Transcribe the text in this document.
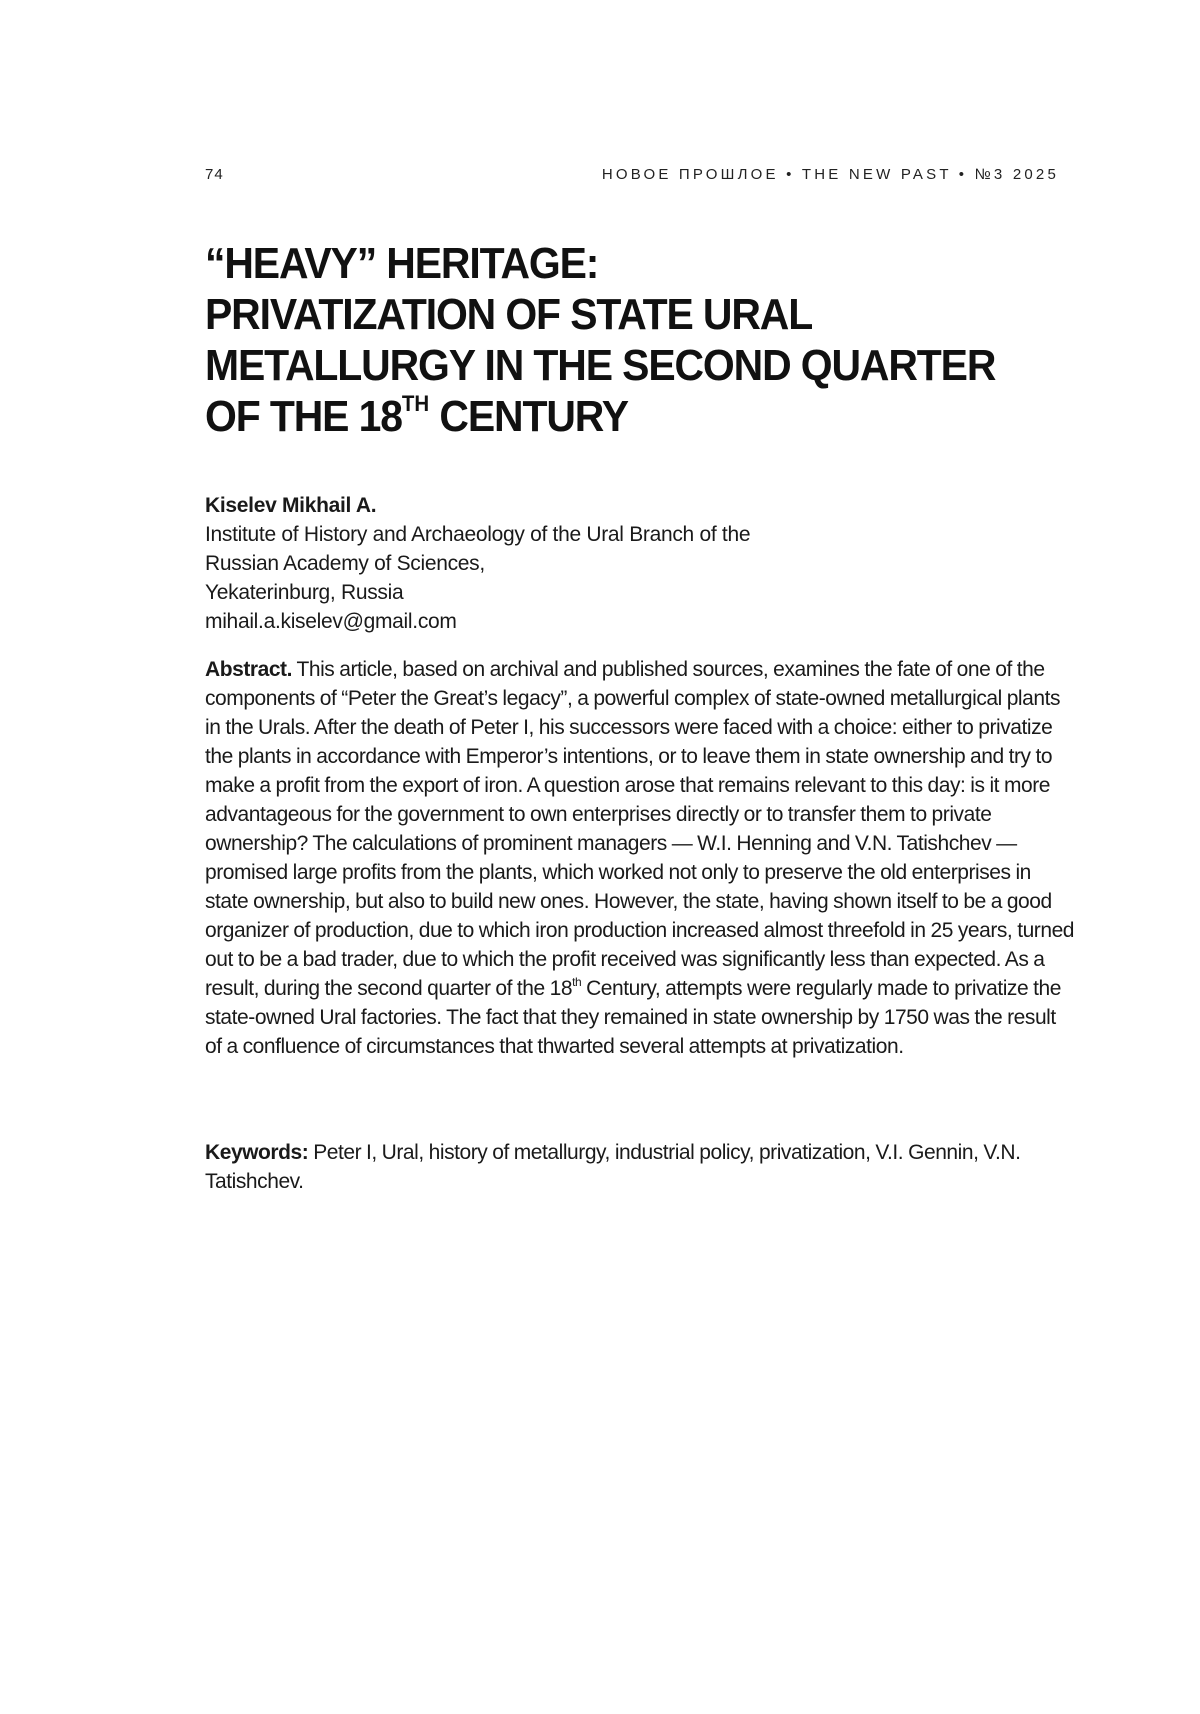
74	НОВОЕ ПРОШЛОЕ • THE NEW PAST • №3 2025
“HEAVY” HERITAGE:
PRIVATIZATION OF STATE URAL
METALLURGY IN THE SECOND QUARTER
OF THE 18TH CENTURY
Kiselev Mikhail A.
Institute of History and Archaeology of the Ural Branch of the
Russian Academy of Sciences,
Yekaterinburg, Russia
mihail.a.kiselev@gmail.com

Abstract. This article, based on archival and published sources, examines the fate of one of the components of “Peter the Great’s legacy”, a powerful complex of state-owned metallurgical plants in the Urals. After the death of Peter I, his successors were faced with a choice: either to privatize the plants in accordance with Emperor’s intentions, or to leave them in state ownership and try to make a profit from the export of iron. A question arose that remains relevant to this day: is it more advantageous for the government to own enterprises directly or to transfer them to private ownership? The calculations of prominent managers — W.I. Henning and V.N. Tatishchev — promised large profits from the plants, which worked not only to preserve the old enterprises in state ownership, but also to build new ones. However, the state, having shown itself to be a good organizer of production, due to which iron production increased almost threefold in 25 years, turned out to be a bad trader, due to which the profit received was significantly less than expected. As a result, during the second quarter of the 18th Century, attempts were regularly made to privatize the state-owned Ural factories. The fact that they remained in state ownership by 1750 was the result of a confluence of circumstances that thwarted several attempts at privatization.

Keywords: Peter I, Ural, history of metallurgy, industrial policy, privatization, V.I. Gennin, V.N. Tatishchev.
